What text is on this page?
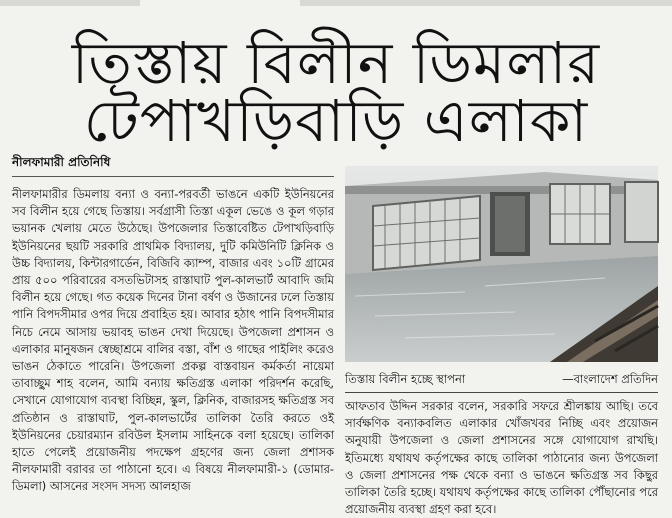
তিস্তায় বিলীন ডিমলার
টেপাখড়িবাড়ি এলাকা
নীলফামারী প্রতিনিধি
নীলফামারীর ডিমলায় বন্যা ও বন্যা-পরবর্তী ভাঙনে একটি ইউনিয়নের সব বিলীন হয়ে গেছে তিস্তায়। সর্বগ্রাসী তিস্তা একূল ভেঙে ও কূল গড়ার ভয়ানক খেলায় মেতে উঠেছে। উপজেলার তিস্তাবেষ্টিত টেপাখড়িবাড়ি ইউনিয়নের ছয়টি সরকারি প্রাথমিক বিদ্যালয়, দুটি কমিউনিটি ক্লিনিক ও উচ্চ বিদ্যালয়, কিন্টারগার্ডেন, বিজিবি ক্যাম্প, বাজার এবং ১০টি গ্রামের প্রায় ৫০০ পরিবারের বসতভিটাসহ রাস্তাঘাট পুল-কালভার্ট আবাদি জমি বিলীন হয়ে গেছে। গত কয়েক দিনের টানা বর্ষণ ও উজানের ঢলে তিস্তায় পানি বিপদসীমার ওপর দিয়ে প্রবাহিত হয়। আবার হঠাৎ পানি বিপদসীমার নিচে নেমে আসায় ভয়াবহ ভাঙন দেখা দিয়েছে। উপজেলা প্রশাসন ও এলাকার মানুষজন স্বেচ্ছাশ্রমে বালির বস্তা, বাঁশ ও গাছের পাইলিং করেও ভাঙন ঠেকাতে পারেনি। উপজেলা প্রকল্প বাস্তবায়ন কর্মকর্তা নায়েমা তাবাচ্ছুম শাহ বলেন, আমি বন্যায় ক্ষতিগ্রস্ত এলাকা পরিদর্শন করেছি, সেখানে যোগাযোগ ব্যবস্থা বিচ্ছিন্ন, স্কুল, ক্লিনিক, বাজারসহ ক্ষতিগ্রস্ত সব প্রতিষ্ঠান ও রাস্তাঘাট, পুল-কালভার্টের তালিকা তৈরি করতে ওই ইউনিয়নের চেয়ারম্যান রবিউল ইসলাম সাহিনকে বলা হয়েছে। তালিকা হাতে পেলেই প্রয়োজনীয় পদক্ষেপ গ্রহণের জন্য জেলা প্রশাসক নীলফামারী বরাবর তা পাঠানো হবে। এ বিষয়ে নীলফামারী-১ (ডোমার-ডিমলা) আসনের সংসদ সদস্য আলহাজ
তিস্তায় বিলীন হচ্ছে স্থাপনা	—বাংলাদেশ প্রতিদিন
আফতাব উদ্দিন সরকার বলেন, সরকারি সফরে শ্রীলঙ্কায় আছি। তবে সার্বক্ষণিক বন্যাকবলিত এলাকার খোঁজখবর নিচ্ছি এবং প্রয়োজন অনুযায়ী উপজেলা ও জেলা প্রশাসনের সঙ্গে যোগাযোগ রাখছি। ইতিমধ্যে যথাযথ কর্তৃপক্ষের কাছে তালিকা পাঠানোর জন্য উপজেলা ও জেলা প্রশাসনের পক্ষ থেকে বন্যা ও ভাঙনে ক্ষতিগ্রস্ত সব কিছুর তালিকা তৈরি হচ্ছে। যথাযথ কর্তৃপক্ষের কাছে তালিকা পৌঁছানোর পরে প্রয়োজনীয় ব্যবস্থা গ্রহণ করা হবে।
